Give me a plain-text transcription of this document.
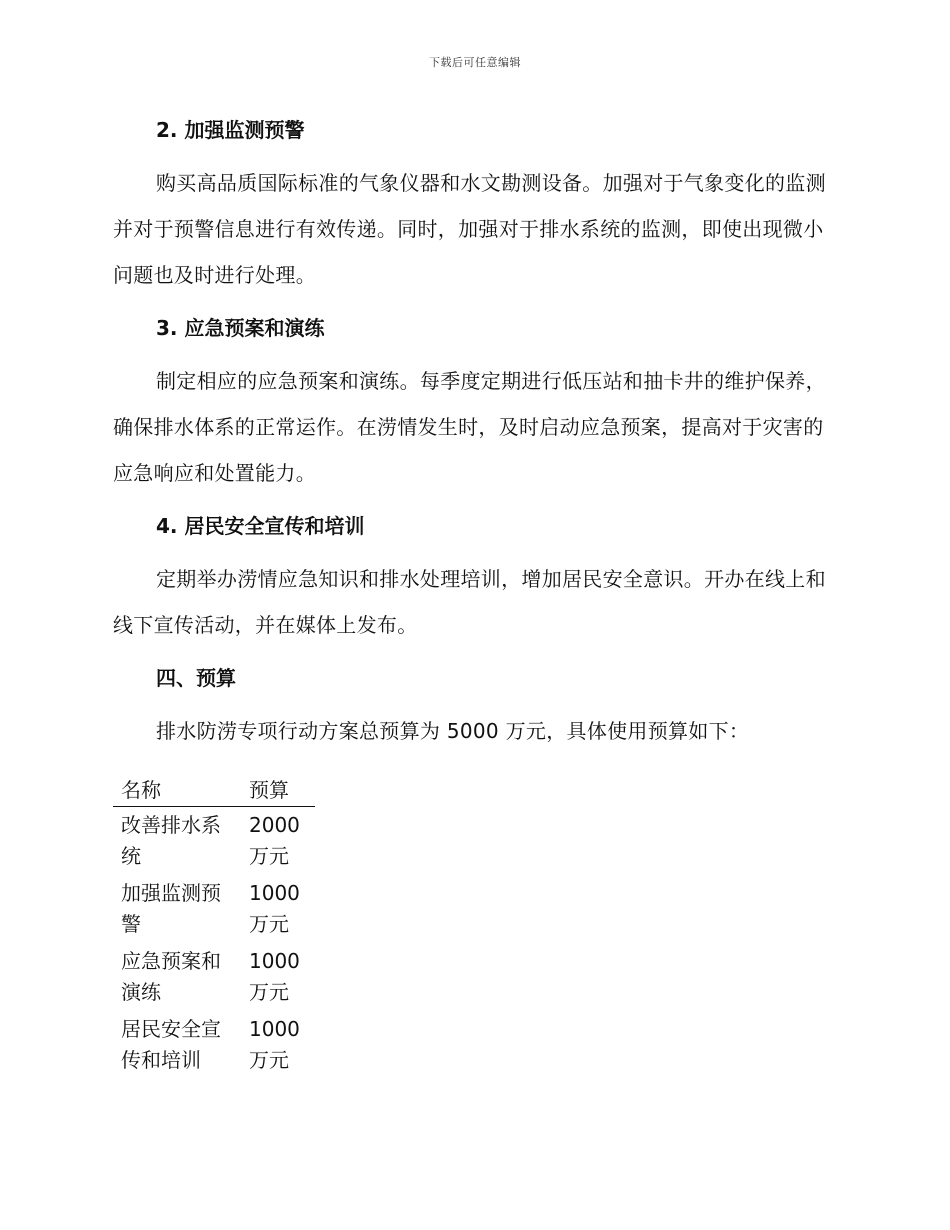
下载后可任意编辑

2. 加强监测预警

购买高品质国际标准的气象仪器和水文勘测设备。加强对于气象变化的监测并对于预警信息进行有效传递。同时，加强对于排水系统的监测，即使出现微小问题也及时进行处理。

3. 应急预案和演练

制定相应的应急预案和演练。每季度定期进行低压站和抽卡井的维护保养，确保排水体系的正常运作。在涝情发生时，及时启动应急预案，提高对于灾害的应急响应和处置能力。

4. 居民安全宣传和培训

定期举办涝情应急知识和排水处理培训，增加居民安全意识。开办在线上和线下宣传活动，并在媒体上发布。

四、预算

排水防涝专项行动方案总预算为 5000 万元，具体使用预算如下：

名称	预算
改善排水系统	2000 万元
加强监测预警	1000 万元
应急预案和演练	1000 万元
居民安全宣传和培训	1000 万元
